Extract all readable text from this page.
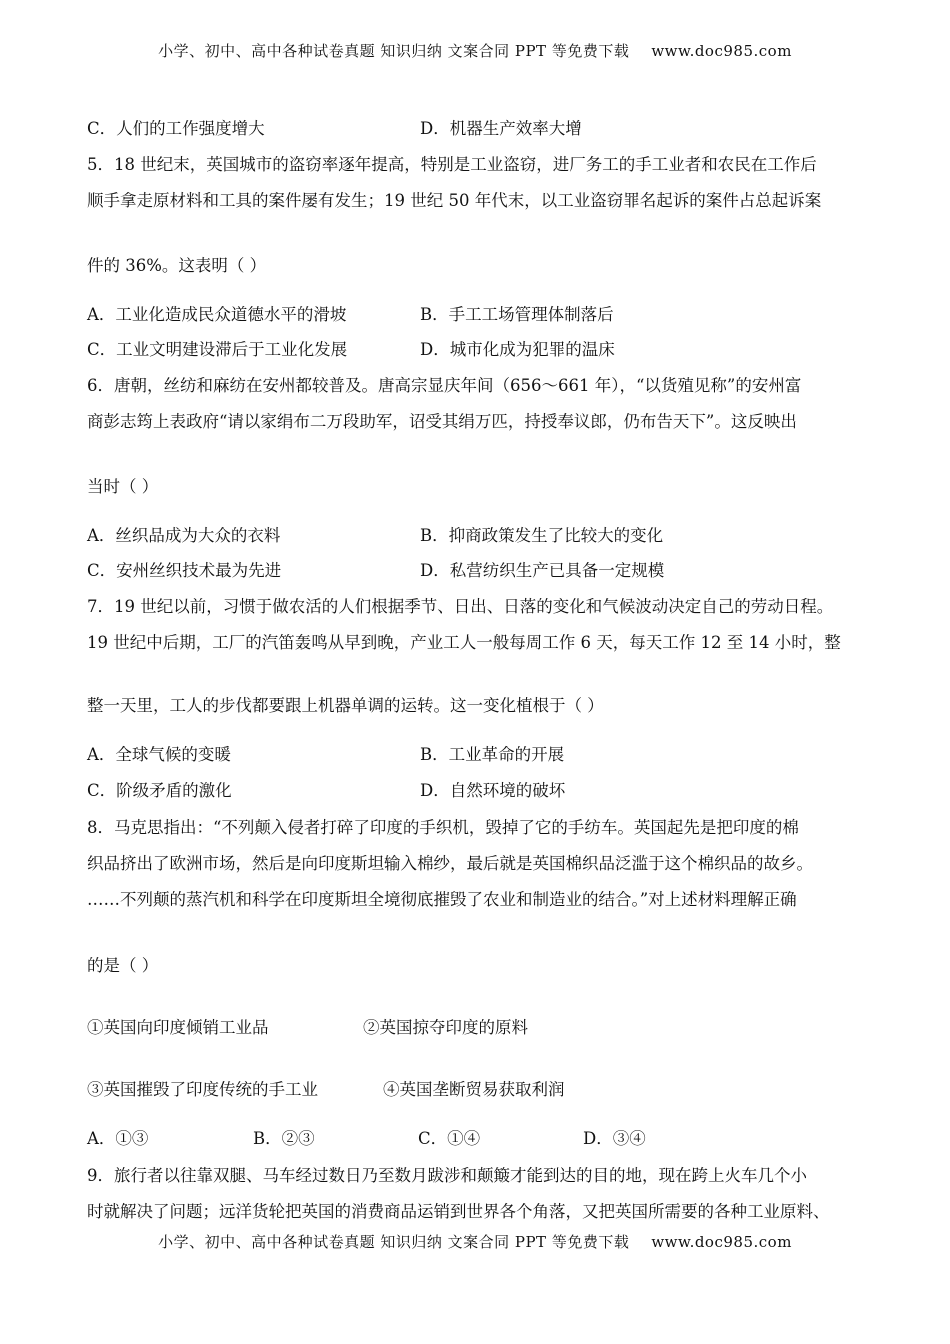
小学、初中、高中各种试卷真题 知识归纳 文案合同 PPT 等免费下载 www.doc985.com
C．人们的工作强度增大	D．机器生产效率大增
5．18 世纪末，英国城市的盗窃率逐年提高，特别是工业盗窃，进厂务工的手工业者和农民在工作后
顺手拿走原材料和工具的案件屡有发生；19 世纪 50 年代末，以工业盗窃罪名起诉的案件占总起诉案
件的 36%。这表明（ ）
A．工业化造成民众道德水平的滑坡	B．手工工场管理体制落后
C．工业文明建设滞后于工业化发展	D．城市化成为犯罪的温床
6．唐朝，丝纺和麻纺在安州都较普及。唐高宗显庆年间（656～661 年），“以货殖见称”的安州富
商彭志筠上表政府“请以家绢布二万段助军，诏受其绢万匹，持授奉议郎，仍布告天下”。这反映出
当时（ ）
A．丝织品成为大众的衣料	B．抑商政策发生了比较大的变化
C．安州丝织技术最为先进	D．私营纺织生产已具备一定规模
7．19 世纪以前，习惯于做农活的人们根据季节、日出、日落的变化和气候波动决定自己的劳动日程。
19 世纪中后期，工厂的汽笛轰鸣从早到晚，产业工人一般每周工作 6 天，每天工作 12 至 14 小时，整
整一天里，工人的步伐都要跟上机器单调的运转。这一变化植根于（ ）
A．全球气候的变暖	B．工业革命的开展
C．阶级矛盾的激化	D．自然环境的破坏
8．马克思指出：“不列颠入侵者打碎了印度的手织机，毁掉了它的手纺车。英国起先是把印度的棉
织品挤出了欧洲市场，然后是向印度斯坦输入棉纱，最后就是英国棉织品泛滥于这个棉织品的故乡。
……不列颠的蒸汽机和科学在印度斯坦全境彻底摧毁了农业和制造业的结合。”对上述材料理解正确
的是（ ）
①英国向印度倾销工业品	②英国掠夺印度的原料
③英国摧毁了印度传统的手工业	④英国垄断贸易获取利润
A．①③	B．②③	C．①④	D．③④
9．旅行者以往靠双腿、马车经过数日乃至数月跋涉和颠簸才能到达的目的地，现在跨上火车几个小
时就解决了问题；远洋货轮把英国的消费商品运销到世界各个角落，又把英国所需要的各种工业原料、
小学、初中、高中各种试卷真题 知识归纳 文案合同 PPT 等免费下载 www.doc985.com
